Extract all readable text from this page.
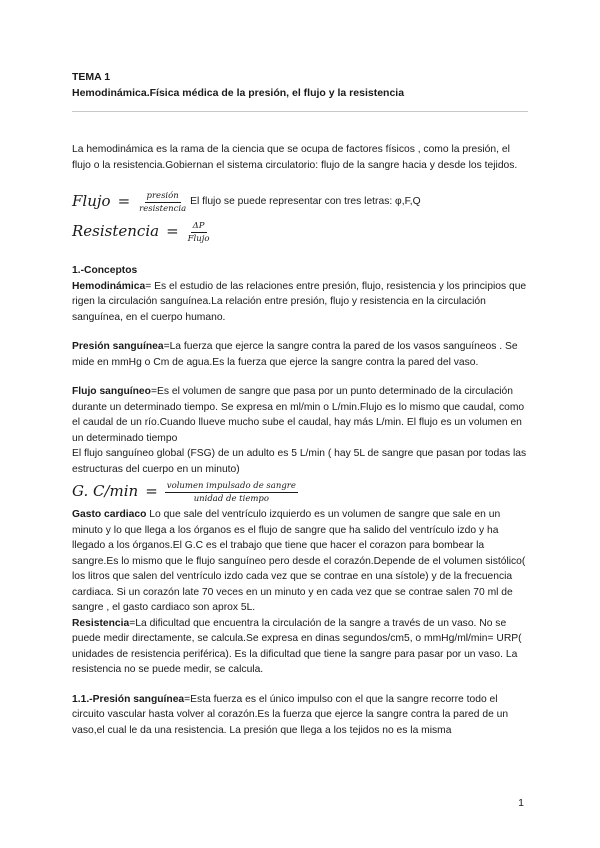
TEMA 1

Hemodinámica.Física médica de la presión, el flujo y la resistencia

La hemodinámica es la rama de la ciencia que se ocupa de factores físicos , como la presión, el flujo o la resistencia.Gobiernan el sistema circulatorio: flujo de la sangre hacia y desde los tejidos.

Flujo = $\frac{\text{presión}}{\text{resistencia}}$ El flujo se puede representar con tres letras: φ,F,Q
Resistencia = $\frac{\Delta P}{\text{Flujo}}$

1.-Conceptos

Hemodinámica= Es el estudio de las relaciones entre presión, flujo, resistencia y los principios que rigen la circulación sanguínea.La relación entre presión, flujo y resistencia en la circulación sanguínea, en el cuerpo humano.

Presión sanguínea=La fuerza que ejerce la sangre contra la pared de los vasos sanguíneos . Se mide en mmHg o Cm de agua.Es la fuerza que ejerce la sangre contra la pared del vaso.

Flujo sanguíneo=Es el volumen de sangre que pasa por un punto determinado de la circulación durante un determinado tiempo. Se expresa en ml/min o L/min.Flujo es lo mismo que caudal, como el caudal de un río.Cuando llueve mucho sube el caudal, hay más L/min. El flujo es un volumen en un determinado tiempo

El flujo sanguíneo global (FSG) de un adulto es 5 L/min ( hay 5L de sangre que pasan por todas las estructuras del cuerpo en un minuto)

G. $C/\min = \frac{\text{volumen impulsado de sangre}}{\text{unidad de tiempo}}$

Gasto cardiaco Lo que sale del ventrículo izquierdo es un volumen de sangre que sale en un minuto y lo que llega a los órganos es el flujo de sangre que ha salido del ventrículo izdo y ha llegado a los órganos.El G.C es el trabajo que tiene que hacer el corazon para bombear la sangre.Es lo mismo que le flujo sanguíneo pero desde el corazón.Depende de el volumen sistólico( los litros que salen del ventrículo izdo cada vez que se contrae en una sístole) y de la frecuencia cardiaca. Si un corazón late 70 veces en un minuto y en cada vez que se contrae salen 70 ml de sangre , el gasto cardiaco son aprox 5L.

Resistencia=La dificultad que encuentra la circulación de la sangre a través de un vaso. No se puede medir directamente, se calcula.Se expresa en dinas segundos/cm5, o mmHg/ml/min= URP( unidades de resistencia periférica). Es la dificultad que tiene la sangre para pasar por un vaso. La resistencia no se puede medir, se calcula.

1.1.-Presión sanguínea=Esta fuerza es el único impulso con el que la sangre recorre todo el circuito vascular hasta volver al corazón.Es la fuerza que ejerce la sangre contra la pared de un vaso,el cual le da una resistencia. La presión que llega a los tejidos no es la misma

1
